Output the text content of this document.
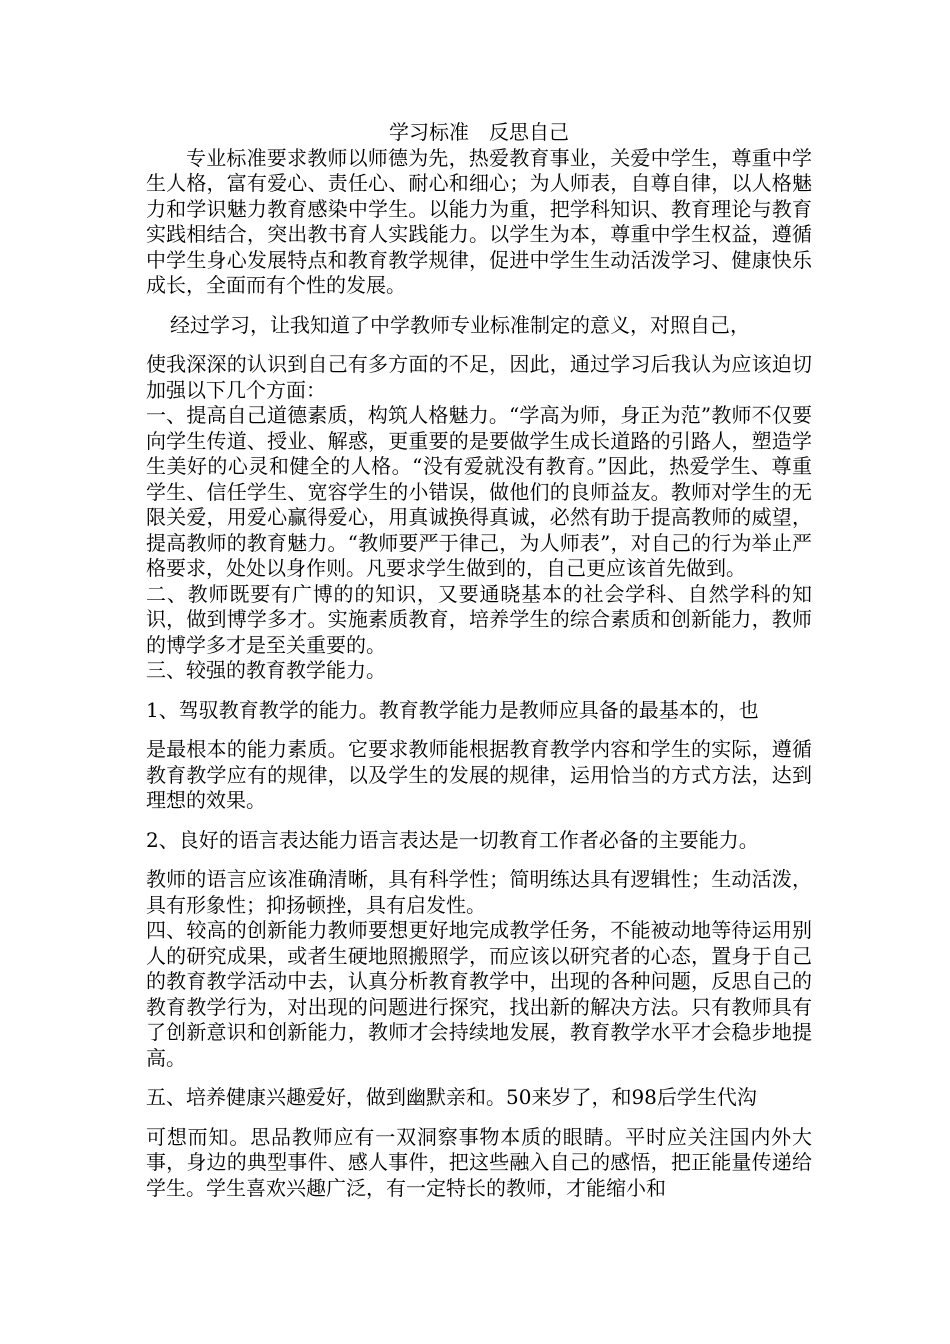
学习标准　反思自己

专业标准要求教师以师德为先，热爱教育事业，关爱中学生，尊重中学生人格，富有爱心、责任心、耐心和细心；为人师表，自尊自律，以人格魅力和学识魅力教育感染中学生。以能力为重，把学科知识、教育理论与教育实践相结合，突出教书育人实践能力。以学生为本，尊重中学生权益，遵循中学生身心发展特点和教育教学规律，促进中学生生动活泼学习、健康快乐成长，全面而有个性的发展。

经过学习，让我知道了中学教师专业标准制定的意义，对照自己，

使我深深的认识到自己有多方面的不足，因此，通过学习后我认为应该迫切加强以下几个方面：

一、提高自己道德素质，构筑人格魅力。“学高为师，身正为范”教师不仅要向学生传道、授业、解惑，更重要的是要做学生成长道路的引路人，塑造学生美好的心灵和健全的人格。“没有爱就没有教育。”因此，热爱学生、尊重学生、信任学生、宽容学生的小错误，做他们的良师益友。教师对学生的无限关爱，用爱心赢得爱心，用真诚换得真诚，必然有助于提高教师的威望，提高教师的教育魅力。“教师要严于律己，为人师表”，对自己的行为举止严格要求，处处以身作则。凡要求学生做到的，自己更应该首先做到。

二、教师既要有广博的的知识，又要通晓基本的社会学科、自然学科的知识，做到博学多才。实施素质教育，培养学生的综合素质和创新能力，教师的博学多才是至关重要的。

三、较强的教育教学能力。

1、驾驭教育教学的能力。教育教学能力是教师应具备的最基本的，也

是最根本的能力素质。它要求教师能根据教育教学内容和学生的实际，遵循教育教学应有的规律，以及学生的发展的规律，运用恰当的方式方法，达到理想的效果。

2、良好的语言表达能力语言表达是一切教育工作者必备的主要能力。

教师的语言应该准确清晰，具有科学性；简明练达具有逻辑性；生动活泼，具有形象性；抑扬顿挫，具有启发性。

四、较高的创新能力教师要想更好地完成教学任务，不能被动地等待运用别人的研究成果，或者生硬地照搬照学，而应该以研究者的心态，置身于自己的教育教学活动中去，认真分析教育教学中，出现的各种问题，反思自己的教育教学行为，对出现的问题进行探究，找出新的解决方法。只有教师具有了创新意识和创新能力，教师才会持续地发展，教育教学水平才会稳步地提高。

五、培养健康兴趣爱好，做到幽默亲和。50来岁了，和98后学生代沟

可想而知。思品教师应有一双洞察事物本质的眼睛。平时应关注国内外大事，身边的典型事件、感人事件，把这些融入自己的感悟，把正能量传递给学生。学生喜欢兴趣广泛，有一定特长的教师，才能缩小和
